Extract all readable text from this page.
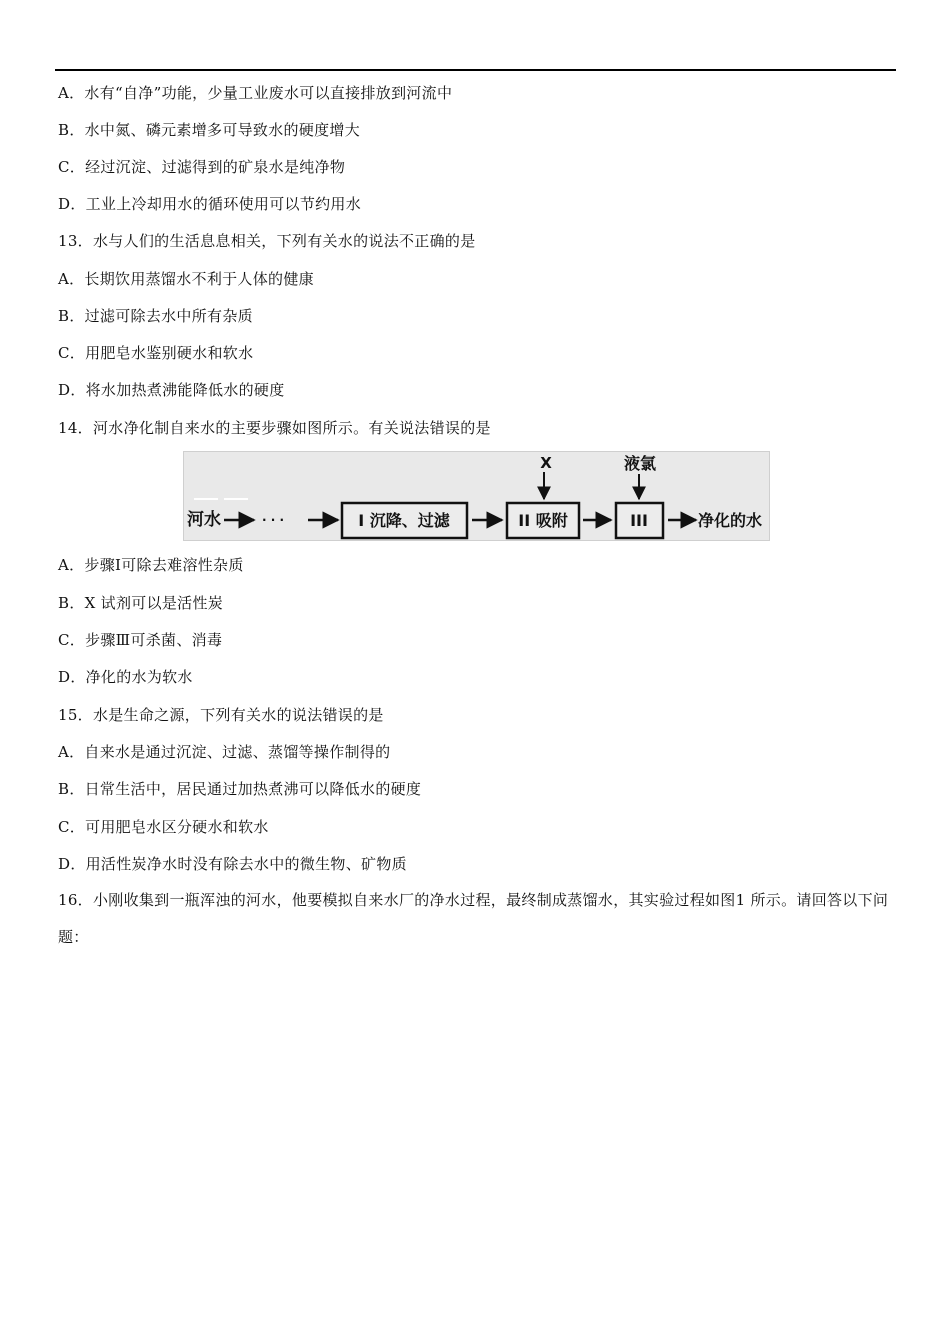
A．水有“自净”功能，少量工业废水可以直接排放到河流中
B．水中氮、磷元素增多可导致水的硬度增大
C．经过沉淀、过滤得到的矿泉水是纯净物
D．工业上冷却用水的循环使用可以节约用水
13．水与人们的生活息息相关，下列有关水的说法不正确的是
A．长期饮用蒸馏水不利于人体的健康
B．过滤可除去水中所有杂质
C．用肥皂水鉴别硬水和软水
D．将水加热煮沸能降低水的硬度
14．河水净化制自来水的主要步骤如图所示。有关说法错误的是
河水	· · ·	I 沉降、过滤	II 吸附
X
III
液氯
净化的水
A．步骤Ⅰ可除去难溶性杂质
B．X 试剂可以是活性炭
C．步骤Ⅲ可杀菌、消毒
D．净化的水为软水
15．水是生命之源，下列有关水的说法错误的是
A．自来水是通过沉淀、过滤、蒸馏等操作制得的
B．日常生活中，居民通过加热煮沸可以降低水的硬度
C．可用肥皂水区分硬水和软水
D．用活性炭净水时没有除去水中的微生物、矿物质
16．小刚收集到一瓶浑浊的河水，他要模拟自来水厂的净水过程，最终制成蒸馏水，其实验过程如图1 所示。请回答以下问题：
